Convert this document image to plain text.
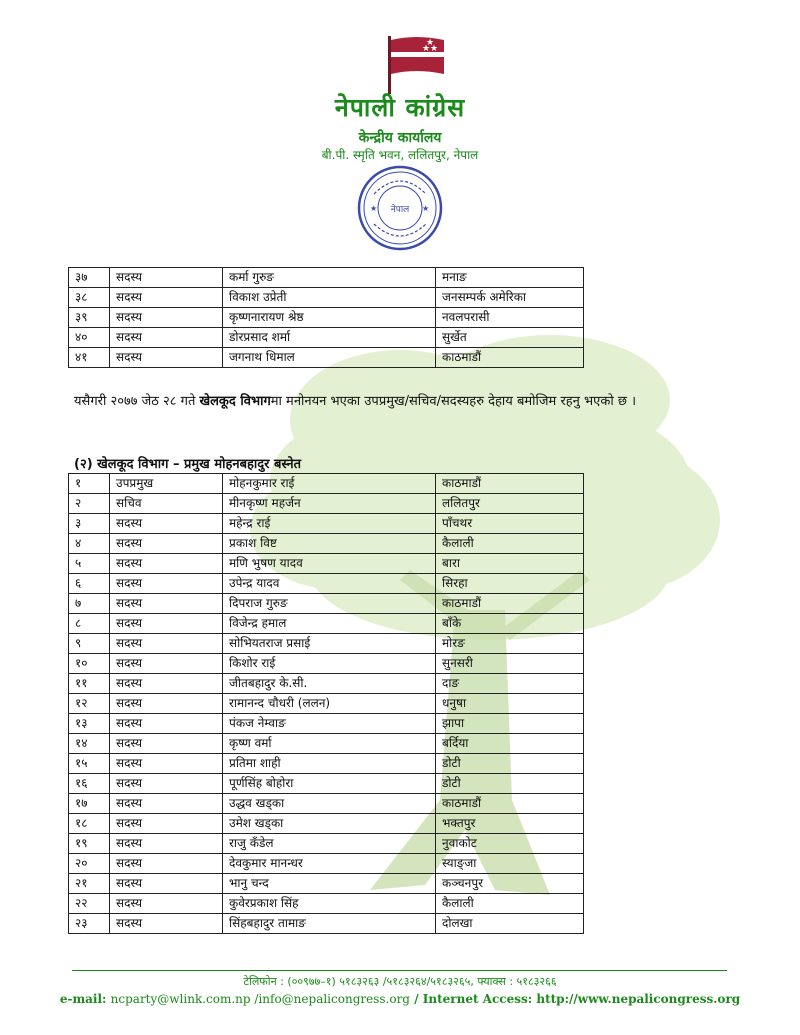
★ ★
★
नेपाली कांग्रेस
केन्द्रीय कार्यालय
बी.पी. स्मृति भवन, ललितपुर, नेपाल
नेपाल
★	★
३७	सदस्य	कर्मा गुरुङ	मनाङ
३८	सदस्य	विकाश उप्रेती	जनसम्पर्क अमेरिका
३९	सदस्य	कृष्णनारायण श्रेष्ठ	नवलपरासी
४०	सदस्य	डोरप्रसाद शर्मा	सुर्खेत
४१	सदस्य	जगनाथ धिमाल	काठमाडौं
यसैगरी २०७७ जेठ २८ गते खेलकूद विभागमा मनोनयन भएका उपप्रमुख/सचिव/सदस्यहरु देहाय बमोजिम रहनु भएको छ ।
(२) खेलकूद विभाग – प्रमुख मोहनबहादुर बस्नेत
१	उपप्रमुख	मोहनकुमार राई	काठमाडौं
२	सचिव	मीनकृष्ण महर्जन	ललितपुर
३	सदस्य	महेन्द्र राई	पाँचथर
४	सदस्य	प्रकाश विष्ट	कैलाली
५	सदस्य	मणि भुषण यादव	बारा
६	सदस्य	उपेन्द्र यादव	सिरहा
७	सदस्य	दिपराज गुरुङ	काठमाडौं
८	सदस्य	विजेन्द्र हमाल	बाँके
९	सदस्य	सोभियतराज प्रसाई	मोरङ
१०	सदस्य	किशोर राई	सुनसरी
११	सदस्य	जीतबहादुर के.सी.	दाङ
१२	सदस्य	रामानन्द चौधरी (ललन)	धनुषा
१३	सदस्य	पंकज नेम्वाङ	झापा
१४	सदस्य	कृष्ण वर्मा	बर्दिया
१५	सदस्य	प्रतिमा शाही	डोटी
१६	सदस्य	पूर्णसिंह बोहोरा	डोटी
१७	सदस्य	उद्धव खड्का	काठमाडौं
१८	सदस्य	उमेश खड्का	भक्तपुर
१९	सदस्य	राजु कँडेल	नुवाकोट
२०	सदस्य	देवकुमार मानन्धर	स्याङ्जा
२१	सदस्य	भानु चन्द	कञ्चनपुर
२२	सदस्य	कुवेरप्रकाश सिंह	कैलाली
२३	सदस्य	सिंहबहादुर तामाङ	दोलखा
टेलिफोन : (००९७७–१) ५१८३२६३ /५१८३२६४/५१८३२६५, फ्याक्स : ५१८३२६६
e-mail: ncparty@wlink.com.np /info@nepalicongress.org / Internet Access: http://www.nepalicongress.org
